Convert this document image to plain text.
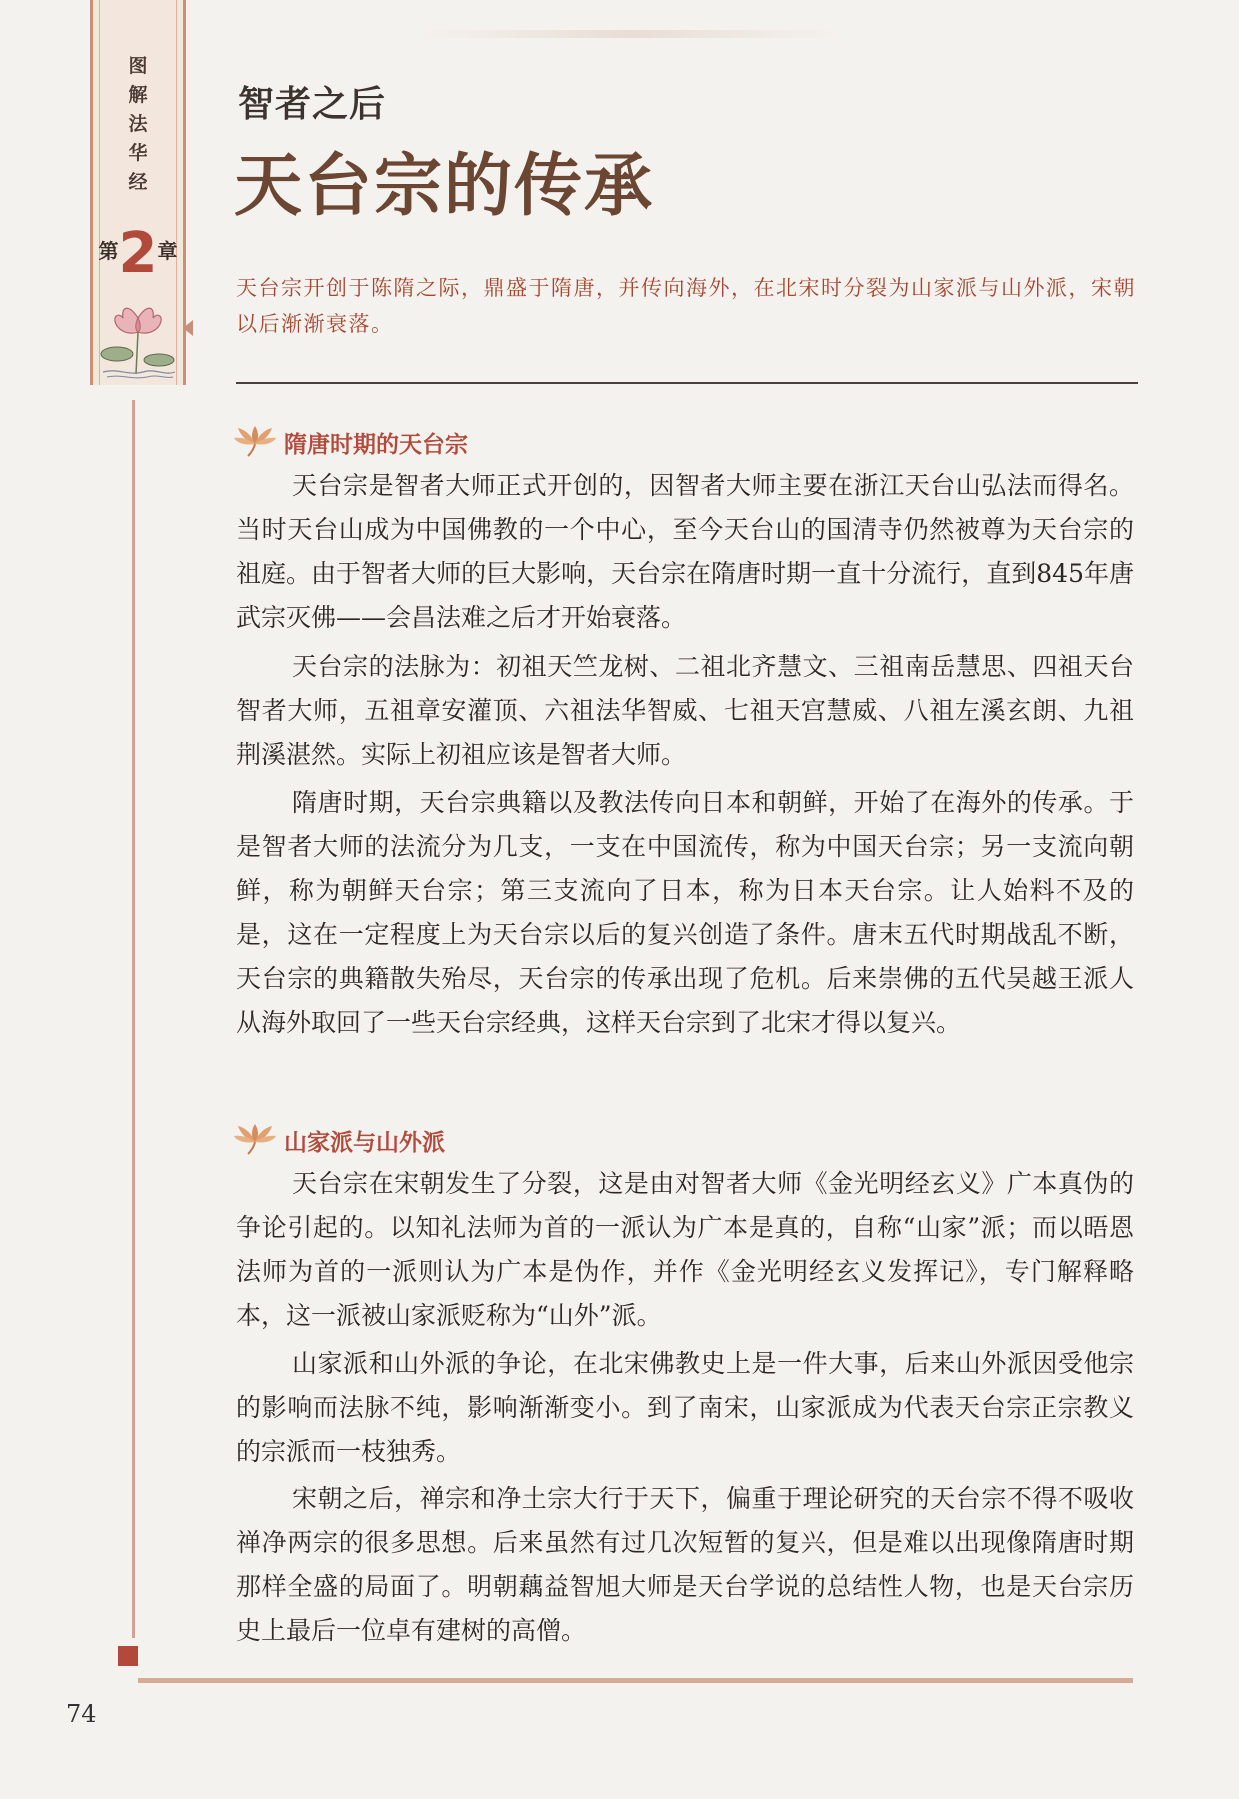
图
解
法
华
经
第2章
智者之后
天台宗的传承
天台宗开创于陈隋之际，鼎盛于隋唐，并传向海外，在北宋时分裂为山家派与山外派，宋朝以后渐渐衰落。
隋唐时期的天台宗

天台宗是智者大师正式开创的，因智者大师主要在浙江天台山弘法而得名。当时天台山成为中国佛教的一个中心，至今天台山的国清寺仍然被尊为天台宗的祖庭。由于智者大师的巨大影响，天台宗在隋唐时期一直十分流行，直到845年唐武宗灭佛——会昌法难之后才开始衰落。

天台宗的法脉为：初祖天竺龙树、二祖北齐慧文、三祖南岳慧思、四祖天台智者大师，五祖章安灌顶、六祖法华智威、七祖天宫慧威、八祖左溪玄朗、九祖荆溪湛然。实际上初祖应该是智者大师。

隋唐时期，天台宗典籍以及教法传向日本和朝鲜，开始了在海外的传承。于是智者大师的法流分为几支，一支在中国流传，称为中国天台宗；另一支流向朝鲜，称为朝鲜天台宗；第三支流向了日本，称为日本天台宗。让人始料不及的是，这在一定程度上为天台宗以后的复兴创造了条件。唐末五代时期战乱不断，天台宗的典籍散失殆尽，天台宗的传承出现了危机。后来崇佛的五代吴越王派人从海外取回了一些天台宗经典，这样天台宗到了北宋才得以复兴。

山家派与山外派

天台宗在宋朝发生了分裂，这是由对智者大师《金光明经玄义》广本真伪的争论引起的。以知礼法师为首的一派认为广本是真的，自称“山家”派；而以晤恩法师为首的一派则认为广本是伪作，并作《金光明经玄义发挥记》，专门解释略本，这一派被山家派贬称为“山外”派。

山家派和山外派的争论，在北宋佛教史上是一件大事，后来山外派因受他宗的影响而法脉不纯，影响渐渐变小。到了南宋，山家派成为代表天台宗正宗教义的宗派而一枝独秀。

宋朝之后，禅宗和净土宗大行于天下，偏重于理论研究的天台宗不得不吸收禅净两宗的很多思想。后来虽然有过几次短暂的复兴，但是难以出现像隋唐时期那样全盛的局面了。明朝藕益智旭大师是天台学说的总结性人物，也是天台宗历史上最后一位卓有建树的高僧。

74
